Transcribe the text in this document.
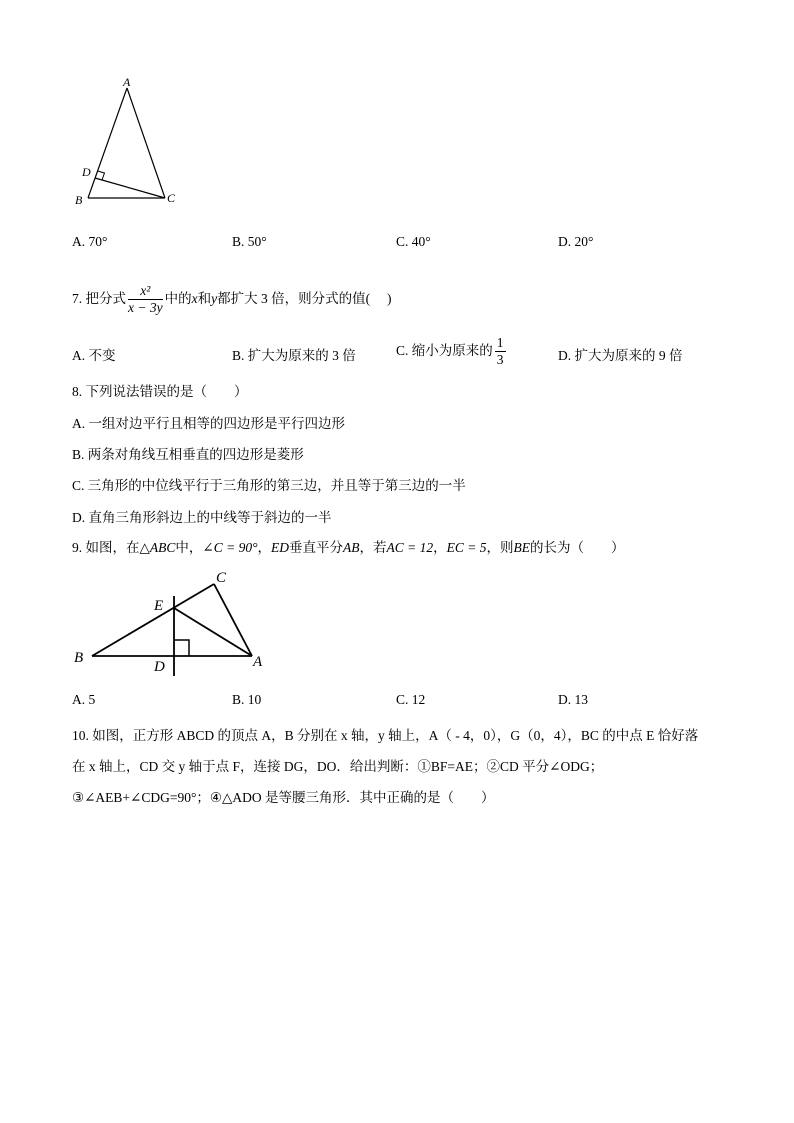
A
B	C
D
A. 70°	B. 50°	C. 40°	D. 20°
7. 把分式 $\frac{\text{x²}}{x - 3y}$ 中的x和y都扩大 3 倍，则分式的值(　 )
A. 不变	B. 扩大为原来的 3 倍	C. 缩小为原来的 $\frac{1}{3}$	D. 扩大为原来的 9 倍
8. 下列说法错误的是（　　）
A. 一组对边平行且相等的四边形是平行四边形
B. 两条对角线互相垂直的四边形是菱形
C. 三角形的中位线平行于三角形的第三边，并且等于第三边的一半
D. 直角三角形斜边上的中线等于斜边的一半
9. 如图，在△ABC中，∠C = 90°，ED垂直平分AB，若AC = 12，EC = 5，则BE的长为（　　）
B
C
E
D	A
A. 5	B. 10	C. 12	D. 13
10. 如图，正方形 ABCD 的顶点 A，B 分别在 x 轴，y 轴上，A（ - 4，0），G（0，4），BC 的中点 E 恰好落
在 x 轴上，CD 交 y 轴于点 F，连接 DG，DO．给出判断：①BF=AE；②CD 平分∠ODG；
③∠AEB+∠CDG=90°；④△ADO 是等腰三角形．其中正确的是（　　）
